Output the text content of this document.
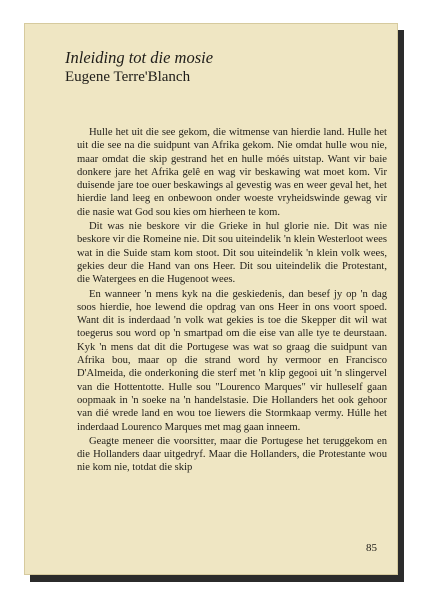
Inleiding tot die mosie
Eugene Terre'Blanch

Hulle het uit die see gekom, die witmense van hierdie land. Hulle het uit die see na die suidpunt van Afrika gekom. Nie omdat hulle wou nie, maar omdat die skip gestrand het en hulle móés uitstap. Want vir baie donkere jare het Afrika gelê en wag vir beskawing wat moet kom. Vir duisende jare toe ouer beskawings al gevestig was en weer geval het, het hierdie land leeg en onbewoon onder woeste vryheidswinde gewag vir die nasie wat God sou kies om hierheen te kom.

Dit was nie beskore vir die Grieke in hul glorie nie. Dit was nie beskore vir die Romeine nie. Dit sou uiteindelik 'n klein Westerloot wees wat in die Suide stam kom stoot. Dit sou uiteindelik 'n klein volk wees, gekies deur die Hand van ons Heer. Dit sou uiteindelik die Protestant, die Watergees en die Hugenoot wees.

En wanneer 'n mens kyk na die geskiedenis, dan besef jy op 'n dag soos hierdie, hoe lewend die opdrag van ons Heer in ons voort spoed. Want dit is inderdaad 'n volk wat gekies is toe die Skepper dit wil wat toegerus sou word op 'n smartpad om die eise van alle tye te deurstaan. Kyk 'n mens dat dit die Portugese was wat so graag die suidpunt van Afrika bou, maar op die strand word hy vermoor en Francisco D'Almeida, die onderkoning die sterf met 'n klip gegooi uit 'n slingervel van die Hottentotte. Hulle sou "Lourenco Marques" vir hulleself gaan oopmaak in 'n soeke na 'n handelstasie. Die Hollanders het ook gehoor van dié wrede land en wou toe liewers die Stormkaap vermy. Húlle het inderdaad Lourenco Marques met mag gaan inneem.

Geagte meneer die voorsitter, maar die Portugese het teruggekom en die Hollanders daar uitgedryf. Maar die Hollanders, die Protestante wou nie kom nie, totdat die skip

85
